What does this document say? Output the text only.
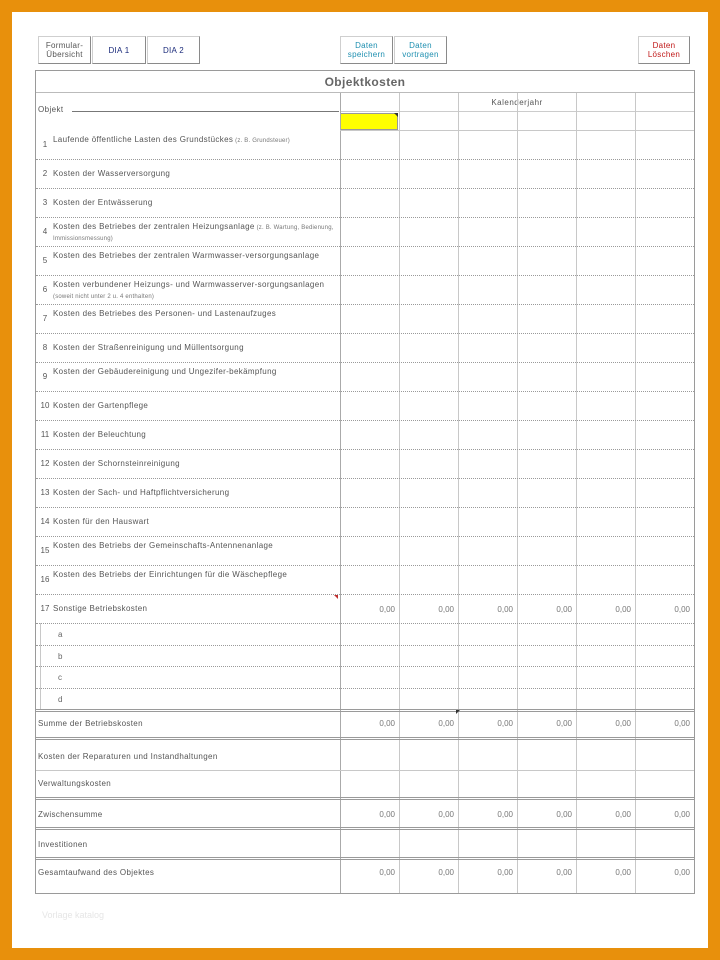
Formular-
Übersicht	DIA 1	DIA 2	Daten
speichern
Daten
vortragen
Daten
Löschen
Objektkosten
Objekt
Kalenderjahr
1
Laufende öffentliche Lasten des Grundstückes (z. B. Grundsteuer)
2 Kosten der Wasserversorgung
3 Kosten der Entwässerung
4
Kosten des Betriebes der zentralen Heizungsanlage (z. B. Wartung, Bedienung, Immissionsmessung)
5
Kosten des Betriebes der zentralen Warmwasser-versorgungsanlage
6
Kosten verbundener Heizungs- und Warmwasserver-sorgungsanlagen (soweit nicht unter 2 u. 4 enthalten)
7
Kosten des Betriebes des Personen- und Lastenaufzuges
8 Kosten der Straßenreinigung und Müllentsorgung
9
Kosten der Gebäudereinigung und Ungezifer-bekämpfung
10 Kosten der Gartenpflege
11 Kosten der Beleuchtung
12 Kosten der Schornsteinreinigung
13 Kosten der Sach- und Haftpflichtversicherung
14 Kosten für den Hauswart
15
Kosten des Betriebs der Gemeinschafts-Antennenanlage
16
Kosten des Betriebs der Einrichtungen für die Wäschepflege
17 Sonstige Betriebskosten	0,00	0,00	0,00	0,00	0,00	0,00
a
b
c
d
Summe der Betriebskosten	0,00	0,00	0,00	0,00	0,00	0,00
Kosten der Reparaturen und Instandhaltungen
Verwaltungskosten
Zwischensumme	0,00	0,00	0,00	0,00	0,00	0,00
Investitionen
Gesamtaufwand des Objektes	0,00	0,00	0,00	0,00	0,00	0,00
Vorlage katalog
